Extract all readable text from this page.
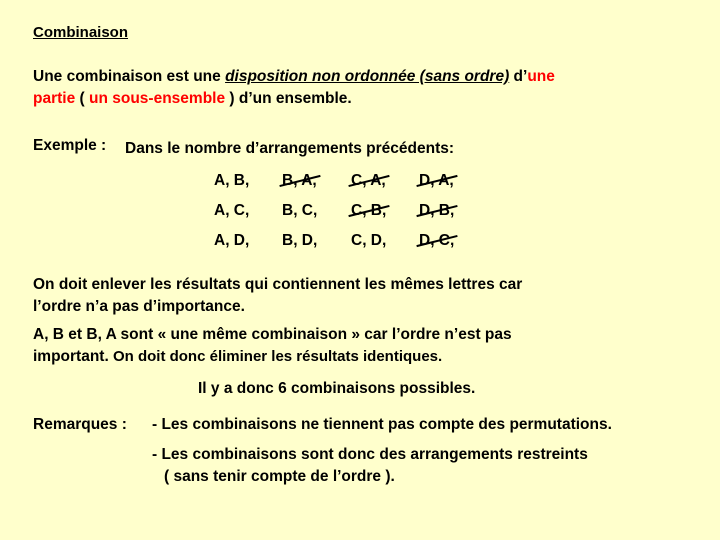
Combinaison
Une combinaison est une disposition non ordonnée (sans ordre) d’une
partie ( un sous-ensemble ) d’un ensemble.
Exemple : Dans le nombre d’arrangements précédents:
A, B, B, A, C, A, D, A,
A, C, B, C, C, B, D, B,
A, D, B, D, C, D, D, C,
On doit enlever les résultats qui contiennent les mêmes lettres car
l’ordre n’a pas d’importance.
A, B et B, A sont « une même combinaison » car l’ordre n’est pas
important. On doit donc éliminer les résultats identiques.
Il y a donc 6 combinaisons possibles.
Remarques : - Les combinaisons ne tiennent pas compte des permutations.
- Les combinaisons sont donc des arrangements restreints
( sans tenir compte de l’ordre ).
